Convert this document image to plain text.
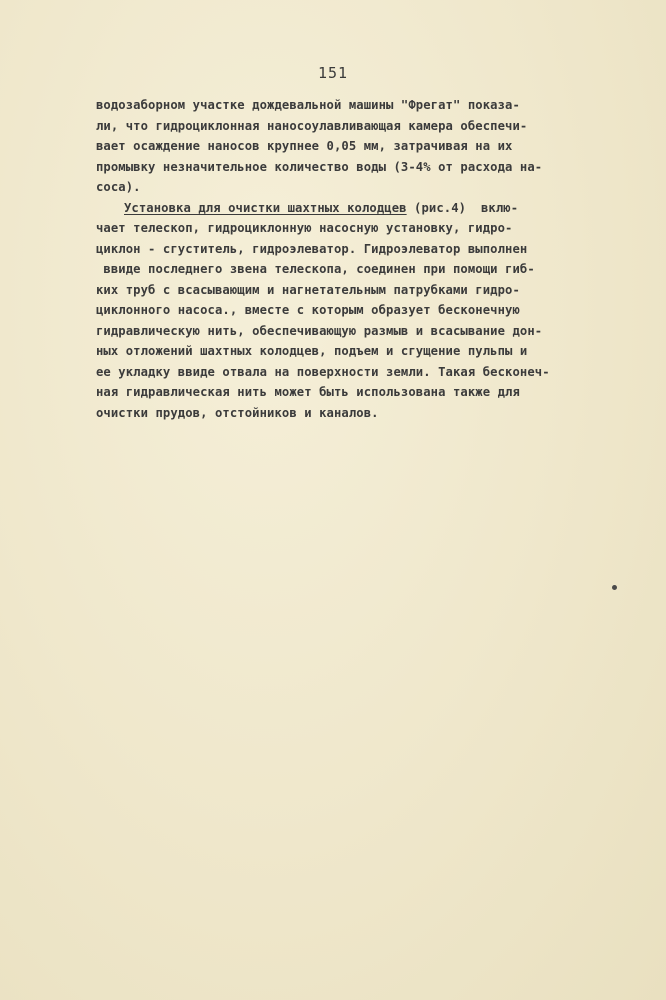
151
водозаборном участке дождевальной машины "Фрегат" показа-
ли, что гидроциклонная наносоулавливающая камера обеспечи-
вает осаждение наносов крупнее 0,05 мм, затрачивая на их
промывку незначительное количество воды (3-4% от расхода на-
соса).
Установка для очистки шахтных колодцев (рис.4)  вклю-
чает телескоп, гидроциклонную насосную установку, гидро-
циклон - сгуститель, гидроэлеватор. Гидроэлеватор выполнен
ввиде последнего звена телескопа, соединен при помощи гиб-
ких труб с всасывающим и нагнетательным патрубками гидро-
циклонного насоса., вместе с которым образует бесконечную
гидравлическую нить, обеспечивающую размыв и всасывание дон-
ных отложений шахтных колодцев, подъем и сгущение пульпы и
ее укладку ввиде отвала на поверхности земли. Такая бесконеч-
ная гидравлическая нить может быть использована также для
очистки прудов, отстойников и каналов.
